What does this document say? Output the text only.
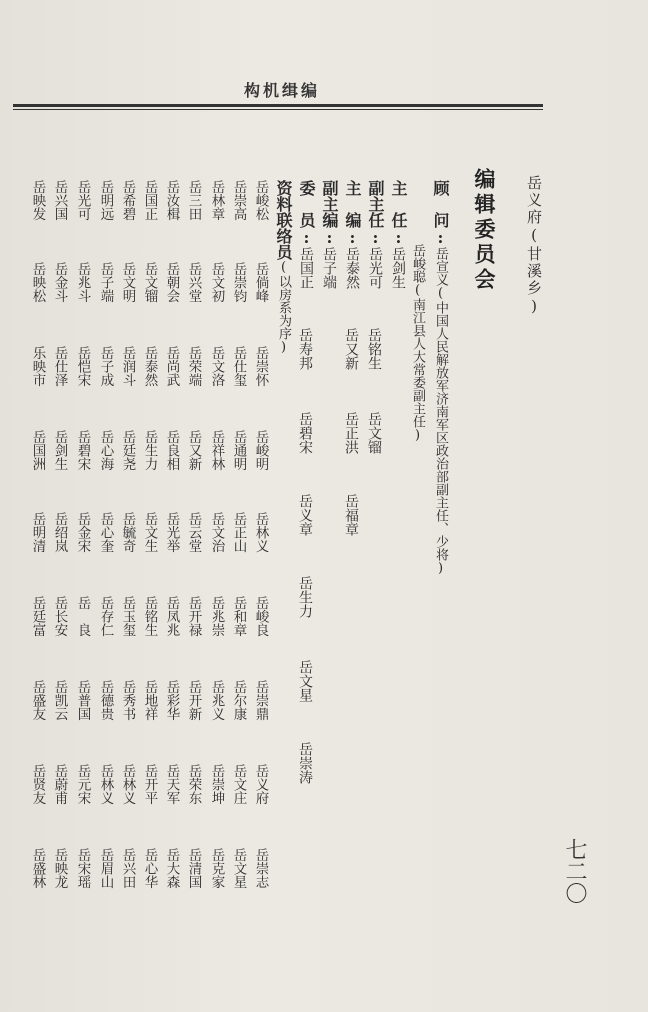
构机缉编
岳义府(甘溪乡)
编辑委员会
顾　问:岳宣义(中国人民解放军济南军区政治部副主任、少将)
岳峻聪(南江县人大常委副主任)
主　任:岳剑生
副主任:岳光可
岳铭生
岳文镏
主　编:岳泰然
岳又新
岳正洪
岳福章
副主编:岳子端
委　员:岳国正
岳寿邦
岳碧宋
岳义章
岳生力
岳文星
岳崇涛
资料联络员(以房系为序)
岳峻松
岳倘峰
岳崇怀
岳峻明
岳林义
岳峻良
岳崇鼎
岳义府
岳崇志
岳崇高
岳崇钧
岳仕玺
岳通明
岳正山
岳和章
岳尔康
岳文庄
岳文星
岳林章
岳文初
岳文洛
岳祥林
岳文治
岳兆崇
岳兆义
岳崇坤
岳克家
岳三田
岳兴堂
岳荣端
岳又新
岳云堂
岳开禄
岳开新
岳荣东
岳清国
岳汝楫
岳朝会
岳尚武
岳良相
岳光举
岳凤兆
岳彩华
岳天军
岳大森
岳国正
岳文镏
岳泰然
岳生力
岳文生
岳铭生
岳地祥
岳开平
岳心华
岳希碧
岳文明
岳润斗
岳廷尧
岳毓奇
岳玉玺
岳秀书
岳林义
岳兴田
岳明远
岳子端
岳子成
岳心海
岳心奎
岳存仁
岳德贵
岳林义
岳眉山
岳光可
岳兆斗
岳恺宋
岳碧宋
岳金宋
岳　良
岳普国
岳元宋
岳宋瑶
岳兴国
岳金斗
岳仕泽
岳剑生
岳绍岚
岳长安
岳凯云
岳蔚甫
岳映龙
岳映发
岳映松
乐映市
岳国洲
岳明清
岳廷富
岳盛友
岳贤友
岳盛林	七二〇
